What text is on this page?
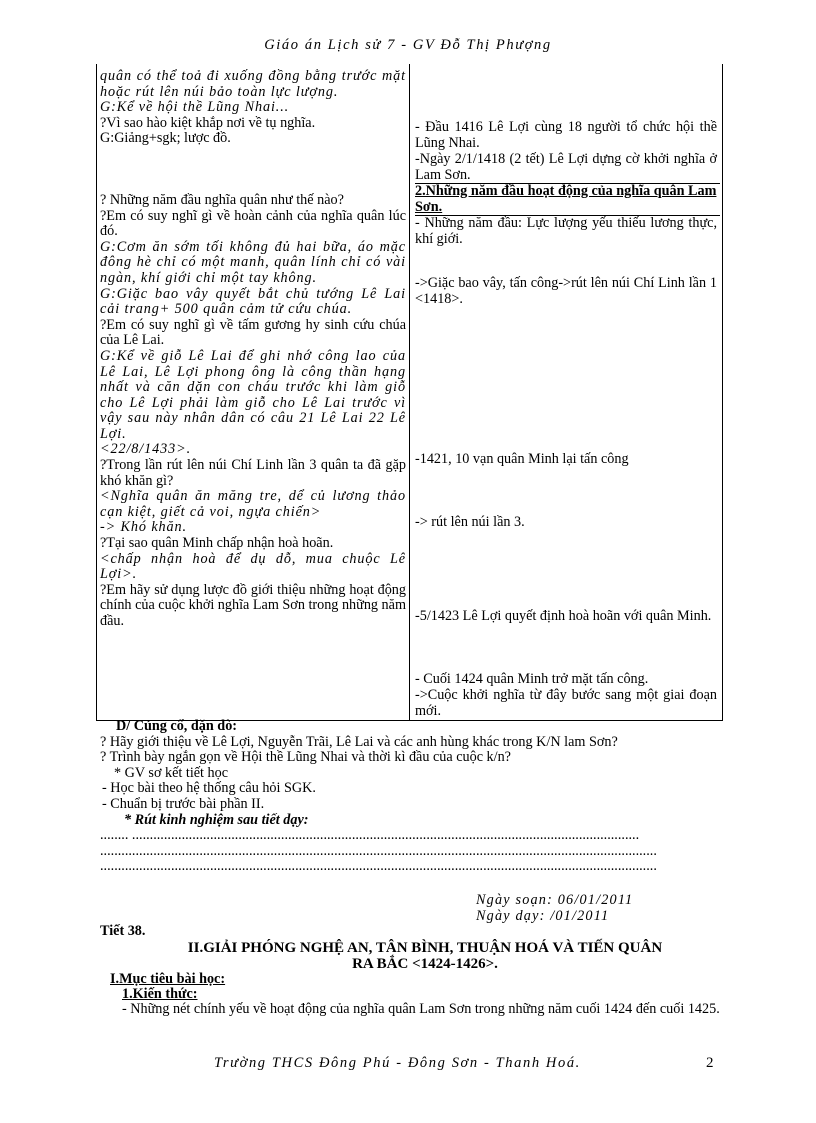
Giáo án Lịch sử 7 - GV Đỗ Thị Phượng
quân có thể toả đi xuống đồng bằng trước mặt hoặc rút lên núi bảo toàn lực lượng.
G:Kể về hội thề Lũng Nhai...
?Vì sao hào kiệt khắp nơi về tụ nghĩa.
G:Giảng+sgk; lược đồ.
? Những năm đầu nghĩa quân như thế nào?
?Em có suy nghĩ gì về hoàn cảnh của nghĩa quân lúc đó.
G:Cơm ăn sớm tối không đủ hai bữa, áo mặc đông hè chỉ có một manh, quân lính chỉ có vài ngàn, khí giới chỉ một tay không.
G:Giặc bao vây quyết bắt chủ tướng Lê Lai cải trang+ 500 quân cảm tử cứu chúa.
?Em có suy nghĩ gì về tấm gương hy sinh cứu chúa của Lê Lai.
G:Kể về giỗ Lê Lai để ghi nhớ công lao của Lê Lai, Lê Lợi phong ông là công thần hạng nhất và căn dặn con cháu trước khi làm giỗ cho Lê Lợi phải làm giỗ cho Lê Lai trước vì vậy sau này nhân dân có câu 21 Lê Lai 22 Lê Lợi.
<22/8/1433>.
?Trong lần rút lên núi Chí Linh lần 3 quân ta đã gặp khó khăn gì?
<Nghĩa quân ăn măng tre, dể củ lương thảo cạn kiệt, giết cả voi, ngựa chiến>
-> Khó khăn.
?Tại sao quân Minh chấp nhận hoà hoãn.
<chấp nhận hoà để dụ dỗ, mua chuộc Lê Lợi>.
?Em hãy sử dụng lược đồ giới thiệu những hoạt động chính của cuộc khởi nghĩa Lam Sơn trong những năm đầu.
- Đầu 1416 Lê Lợi cùng 18 người tổ chức hội thề Lũng Nhai.
-Ngày 2/1/1418 (2 tết) Lê Lợi dựng cờ khởi nghĩa ở Lam Sơn.
2.Những năm đầu hoạt động của nghĩa quân Lam Sơn.
- Những năm đầu: Lực lượng yếu thiếu lương thực, khí giới.
->Giặc bao vây, tấn công->rút lên núi Chí Linh lần 1 <1418>.
-1421, 10 vạn quân Minh lại tấn công
-> rút lên núi lần 3.
-5/1423 Lê Lợi quyết định hoà hoãn với quân Minh.
- Cuối 1424 quân Minh trở mặt tấn công.
->Cuộc khởi nghĩa từ đây bước sang một giai đoạn mới.
D/ Củng cố, dặn dò:
? Hãy giới thiệu về Lê Lợi, Nguyễn Trãi, Lê Lai và các anh hùng khác trong K/N lam Sơn?
? Trình bày ngắn gọn về Hội thề Lũng Nhai và thời kì đầu của cuộc k/n?
* GV sơ kết tiết học
- Học bài theo hệ thống câu hỏi SGK.
- Chuẩn bị trước bài phần II.
* Rút kinh nghiệm sau tiết dạy:
........ ...............................................................................................................................................
.............................................................................................................................................................
.............................................................................................................................................................
Ngày soạn: 06/01/2011
Ngày dạy: /01/2011
Tiết 38.
II.GIẢI PHÓNG NGHỆ AN, TÂN BÌNH, THUẬN HOÁ VÀ TIẾN QUÂN
RA BẮC <1424-1426>.
I.Mục tiêu bài học:
1.Kiến thức:
- Những nét chính yếu về hoạt động của nghĩa quân Lam Sơn trong những năm cuối 1424 đến cuối 1425.
Trường THCS Đông Phú - Đông Sơn - Thanh Hoá.	2
